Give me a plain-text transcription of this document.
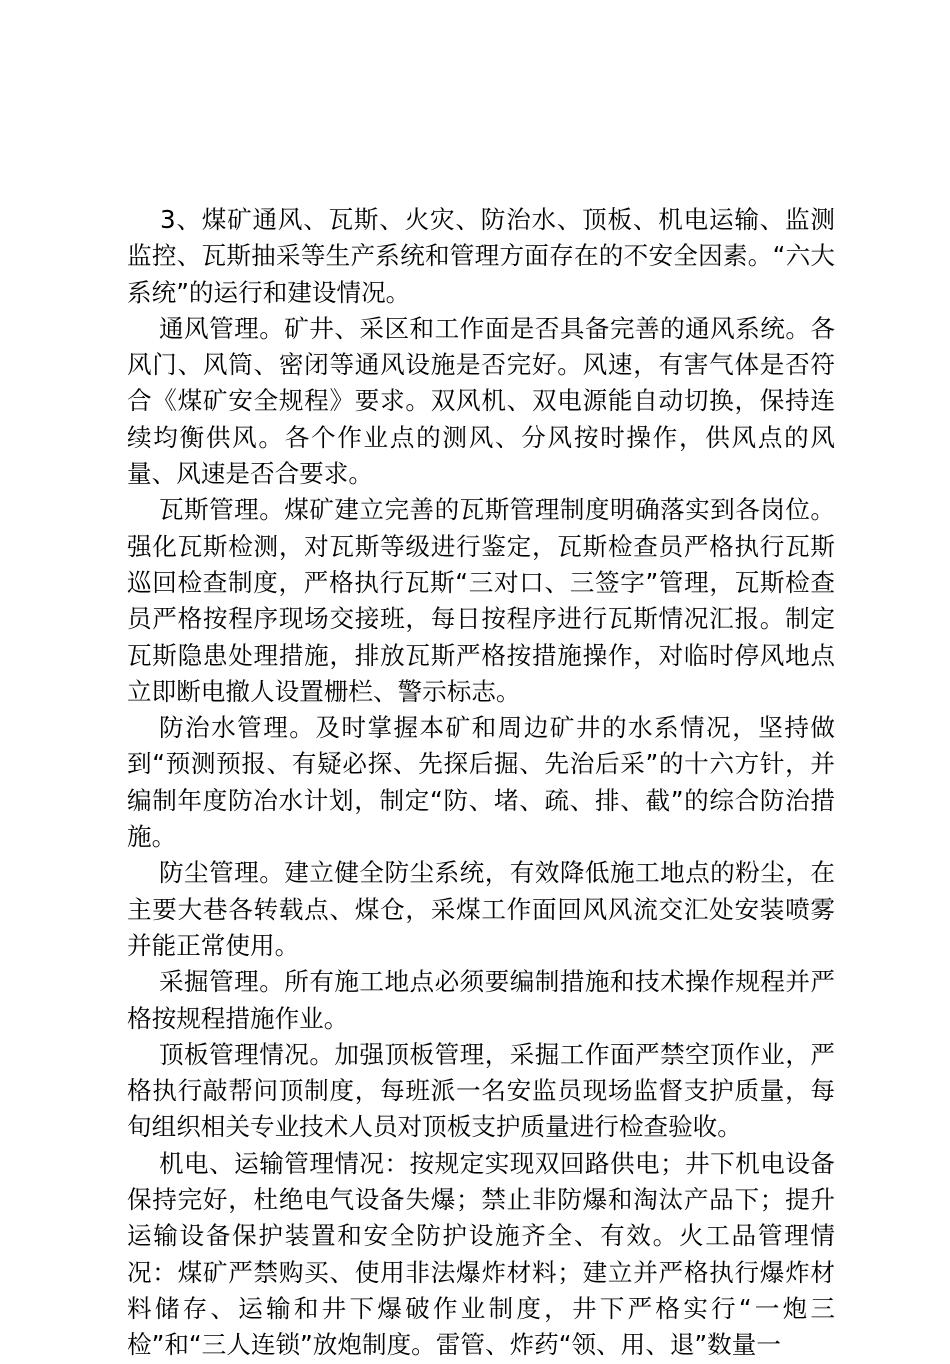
3、煤矿通风、瓦斯、火灾、防治水、顶板、机电运输、监测监控、瓦斯抽采等生产系统和管理方面存在的不安全因素。“六大系统”的运行和建设情况。

通风管理。矿井、采区和工作面是否具备完善的通风系统。各风门、风筒、密闭等通风设施是否完好。风速，有害气体是否符合《煤矿安全规程》要求。双风机、双电源能自动切换，保持连续均衡供风。各个作业点的测风、分风按时操作，供风点的风量、风速是否合要求。

瓦斯管理。煤矿建立完善的瓦斯管理制度明确落实到各岗位。强化瓦斯检测，对瓦斯等级进行鉴定，瓦斯检查员严格执行瓦斯巡回检查制度，严格执行瓦斯“三对口、三签字”管理，瓦斯检查员严格按程序现场交接班，每日按程序进行瓦斯情况汇报。制定瓦斯隐患处理措施，排放瓦斯严格按措施操作，对临时停风地点立即断电撤人设置栅栏、警示标志。

防治水管理。及时掌握本矿和周边矿井的水系情况，坚持做到“预测预报、有疑必探、先探后掘、先治后采”的十六方针，并编制年度防冶水计划，制定“防、堵、疏、排、截”的综合防治措施。

防尘管理。建立健全防尘系统，有效降低施工地点的粉尘，在主要大巷各转载点、煤仓，采煤工作面回风风流交汇处安装喷雾并能正常使用。

采掘管理。所有施工地点必须要编制措施和技术操作规程并严格按规程措施作业。

顶板管理情况。加强顶板管理，采掘工作面严禁空顶作业，严格执行敲帮问顶制度，每班派一名安监员现场监督支护质量，每旬组织相关专业技术人员对顶板支护质量进行检查验收。

机电、运输管理情况：按规定实现双回路供电；井下机电设备保持完好，杜绝电气设备失爆；禁止非防爆和淘汰产品下；提升运输设备保护装置和安全防护设施齐全、有效。火工品管理情况：煤矿严禁购买、使用非法爆炸材料；建立并严格执行爆炸材料储存、运输和井下爆破作业制度，井下严格实行“一炮三检”和“三人连锁”放炮制度。雷管、炸药“领、用、退”数量一
